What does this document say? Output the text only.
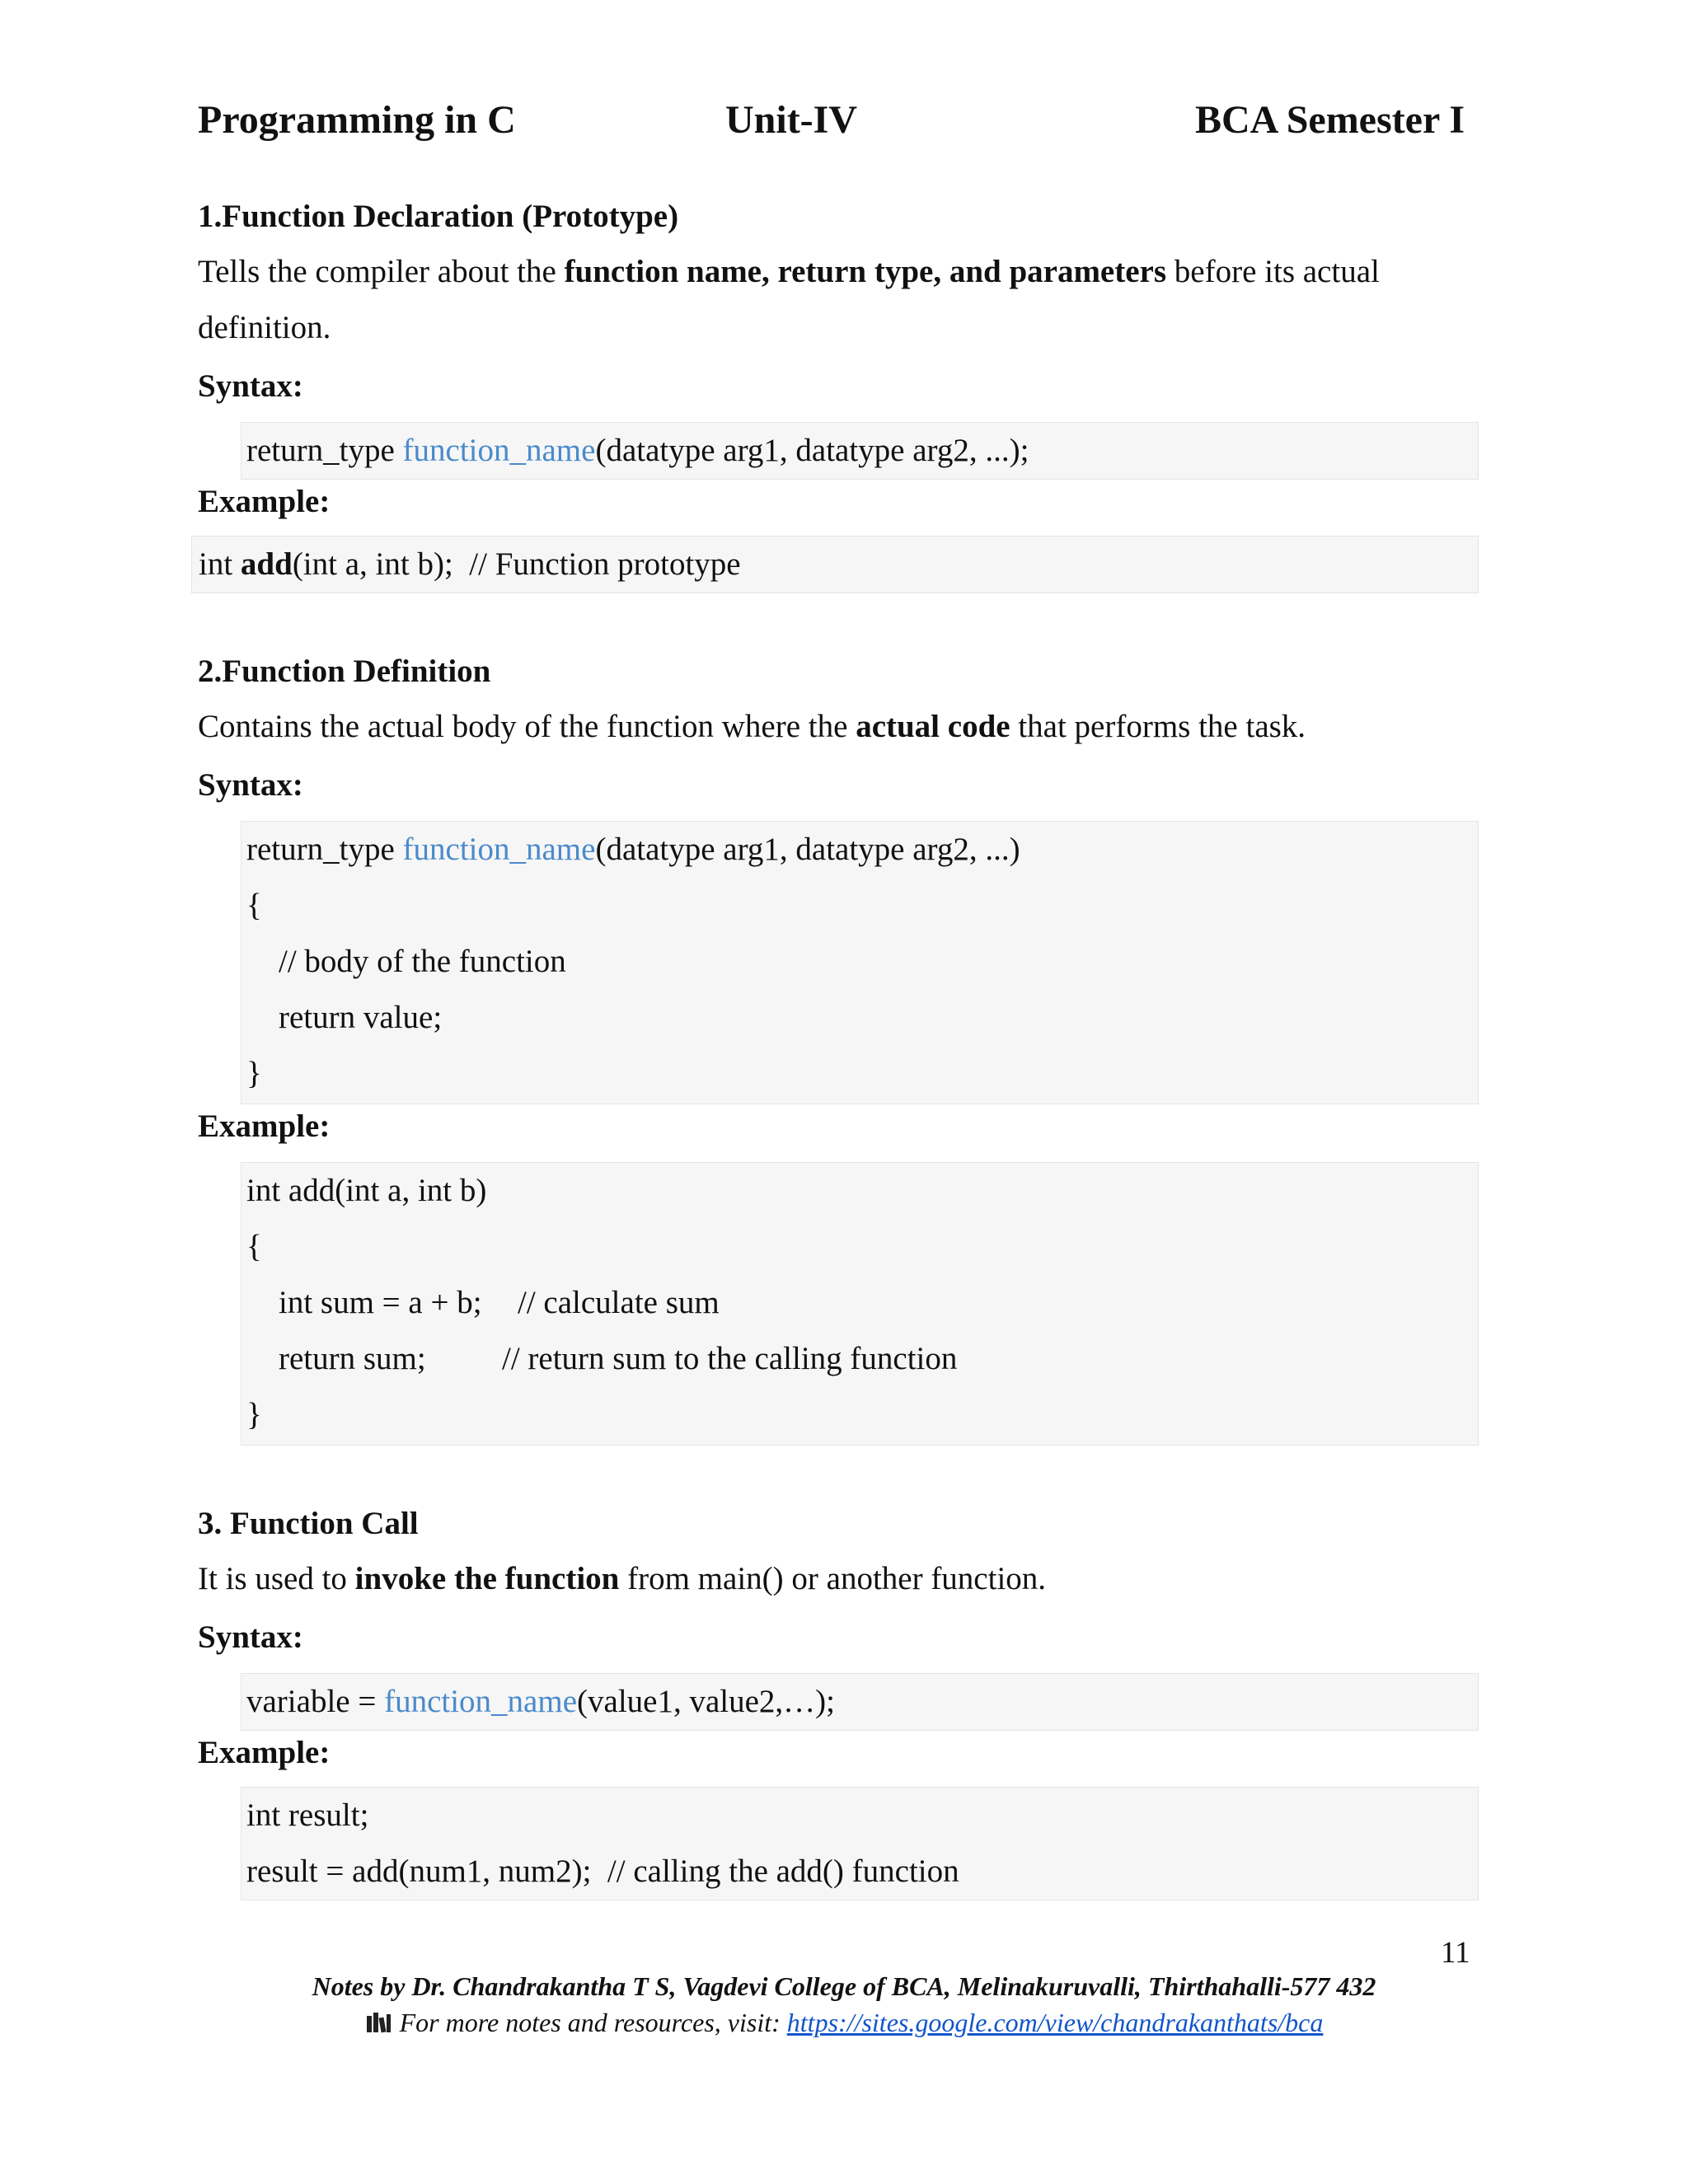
Programming in C	Unit-IV	BCA Semester I
1.Function Declaration (Prototype)
Tells the compiler about the function name, return type, and parameters before its actual
definition.
Syntax:
return_type function_name(datatype arg1, datatype arg2, ...);
Example:
int add(int a, int b);  // Function prototype
2.Function Definition
Contains the actual body of the function where the actual code that performs the task.
Syntax:
return_type function_name(datatype arg1, datatype arg2, ...)
{
// body of the function
return value;
}
Example:
int add(int a, int b)
{
int sum = a + b; // calculate sum
return sum; // return sum to the calling function
}
3. Function Call
It is used to invoke the function from main() or another function.
Syntax:
variable = function_name(value1, value2,…);
Example:
int result;
result = add(num1, num2);  // calling the add() function
11
Notes by Dr. Chandrakantha T S, Vagdevi College of BCA, Melinakuruvalli, Thirthahalli-577 432
For more notes and resources, visit: https://sites.google.com/view/chandrakanthats/bca
